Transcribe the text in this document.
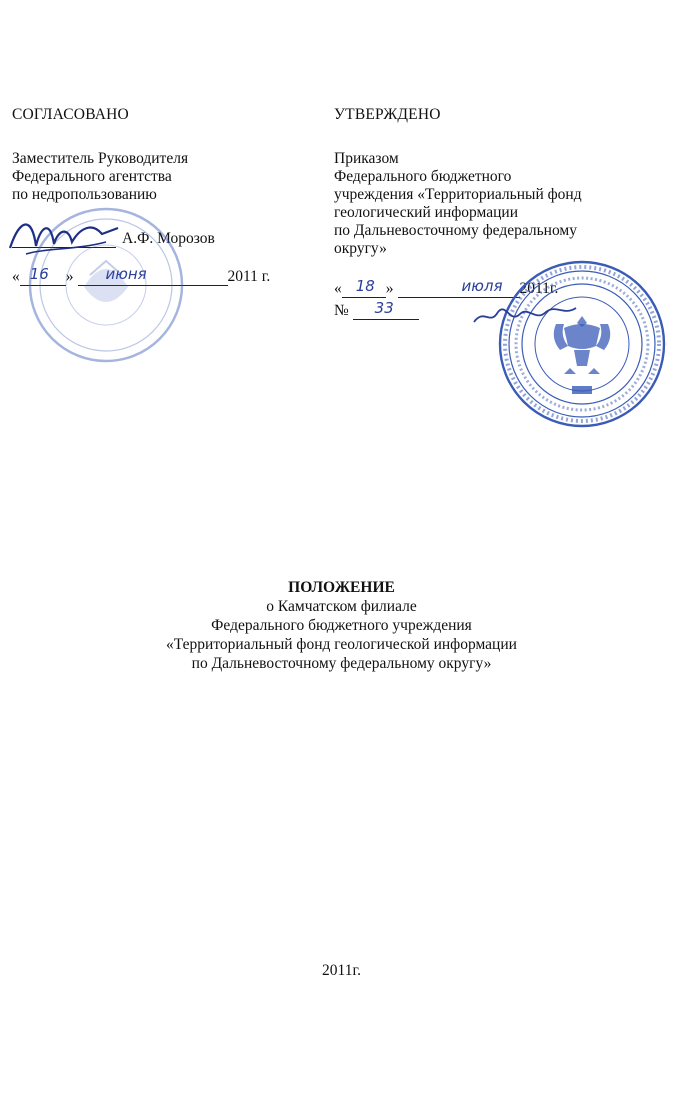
СОГЛАСОВАНО

Заместитель Руководителя
Федерального агентства
по недропользованию
А.Ф. Морозов
« 16 » июня	2011 г.

УТВЕРЖДЕНО

Приказом
Федерального бюджетного
учреждения «Территориальный фонд
геологический информации
по Дальневосточному федеральному
округу»
« 18 »	июля 2011г.
№ 33
ПОЛОЖЕНИЕ
о Камчатском филиале
Федерального бюджетного учреждения
«Территориальный фонд геологической информации
по Дальневосточному федеральному округу»
2011г.
